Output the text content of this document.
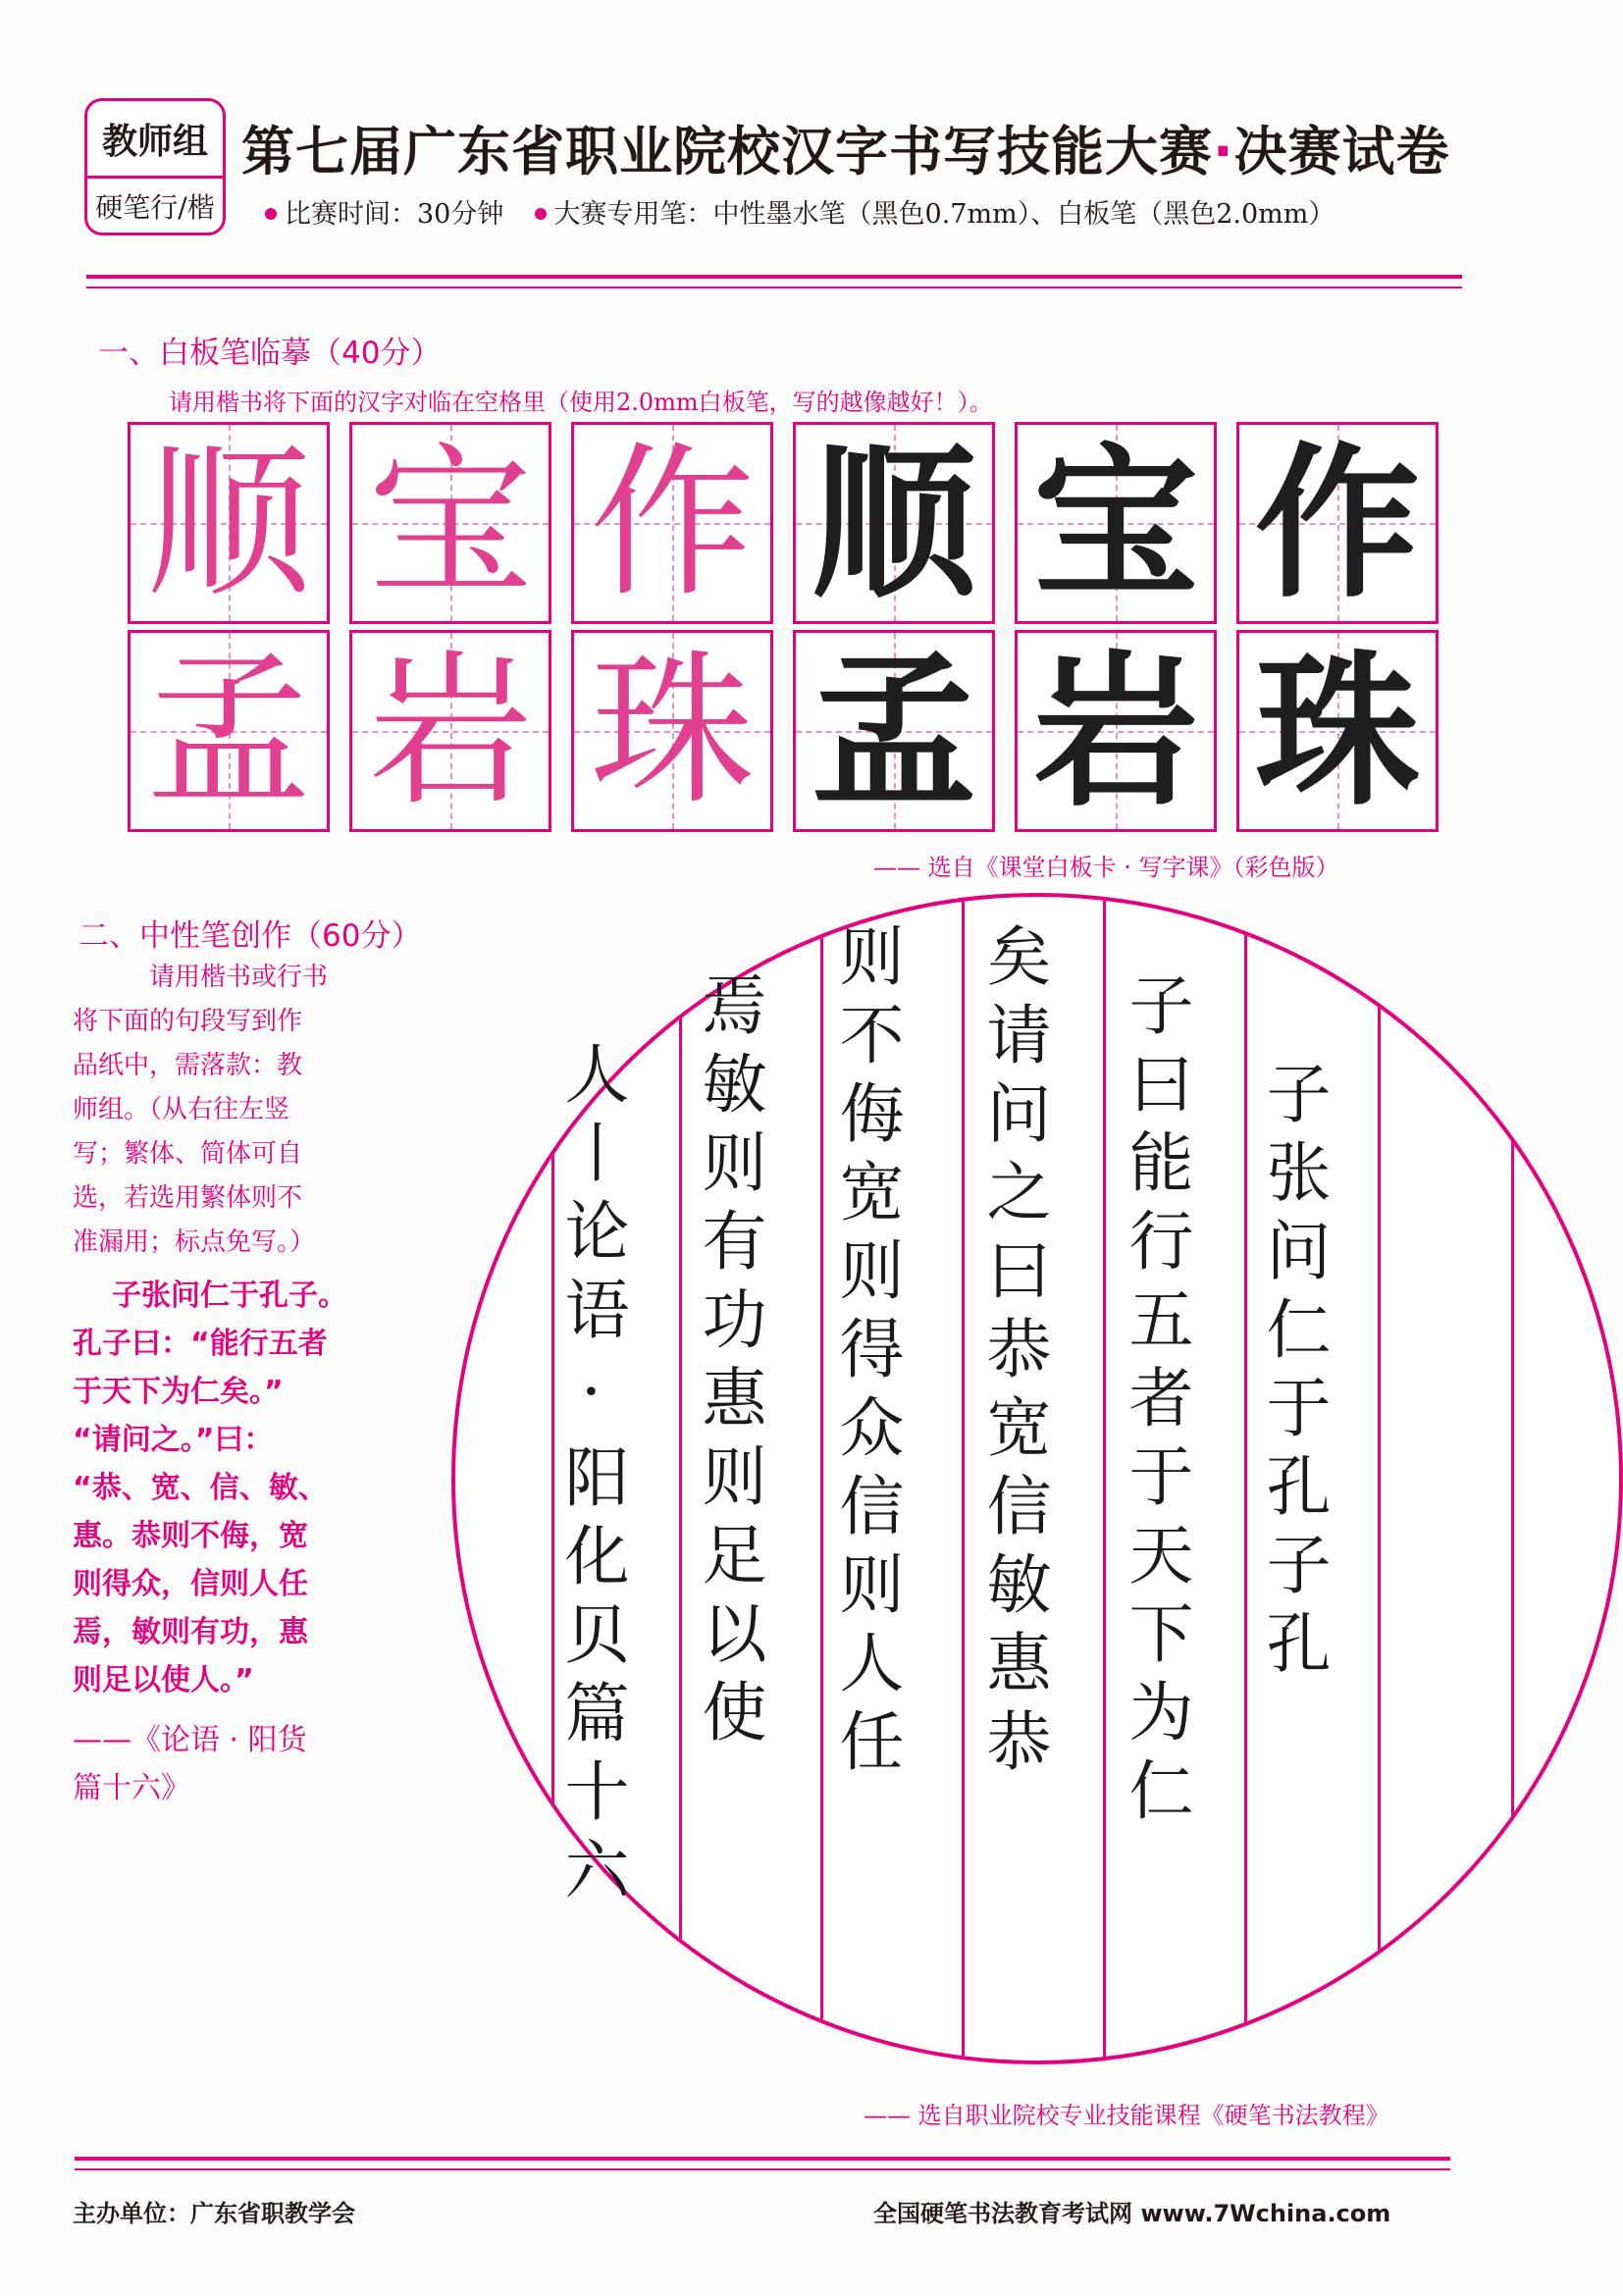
教师组
硬笔行/楷
第七届广东省职业院校汉字书写技能大赛·决赛试卷
比赛时间：30分钟 大赛专用笔：中性墨水笔（黑色0.7mm）、白板笔（黑色2.0mm）
一、白板笔临摹（40分）
请用楷书将下面的汉字对临在空格里（使用2.0mm白板笔，写的越像越好！）。
顺 宝 作 顺 宝 作
孟 岩 珠 孟 岩 珠
—— 选自《课堂白板卡 · 写字课》（彩色版）
二、中性笔创作（60分）

请用楷书或行书

将下面的句段写到作

品纸中，需落款：教

师组。（从右往左竖

写；繁体、简体可自

选，若选用繁体则不

准漏用；标点免写。）

子张问仁于孔子。

孔子曰：“能行五者

于天下为仁矣。”

“请问之。”曰：

“恭、宽、信、敏、

惠。恭则不侮，宽

则得众，信则人任

焉，敏则有功，惠

则足以使人。”

——《论语 · 阳货

篇十六》

子张问仁于孔子孔
子曰能行五者于天下为仁
矣请问之曰恭宽信敏惠恭
则不侮宽则得众信则人任
焉敏则有功惠则足以使
人丨论语·阳化贝篇十六
—— 选自职业院校专业技能课程《硬笔书法教程》
主办单位：广东省职教学会	全国硬笔书法教育考试网 www.7Wchina.com
